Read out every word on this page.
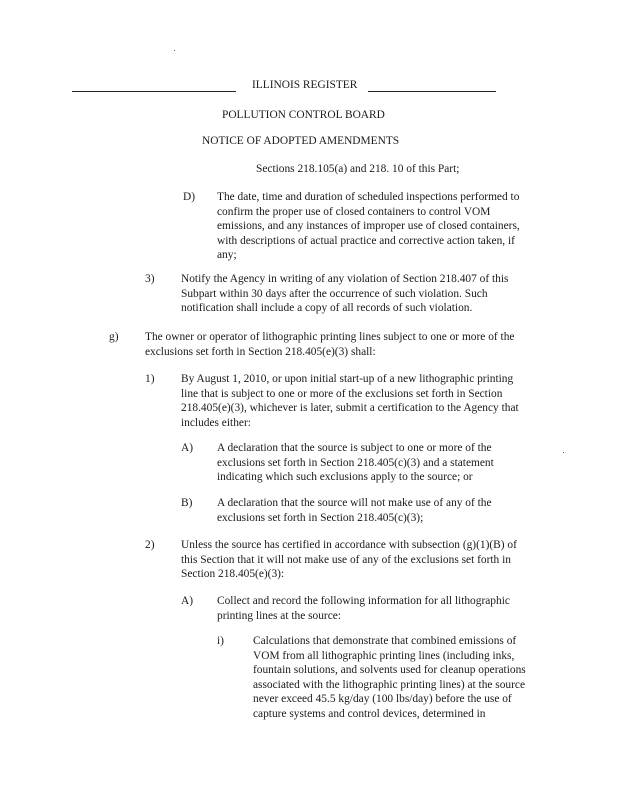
ILLINOIS REGISTER
POLLUTION CONTROL BOARD
NOTICE OF ADOPTED AMENDMENTS
Sections 218.105(a) and 218. 10 of this Part;
D) The date, time and duration of scheduled inspections performed to
confirm the proper use of closed containers to control VOM
emissions, and any instances of improper use of closed containers,
with descriptions of actual practice and corrective action taken, if
any;
3) Notify the Agency in writing of any violation of Section 218.407 of this
Subpart within 30 days after the occurrence of such violation. Such
notification shall include a copy of all records of such violation.
g) The owner or operator of lithographic printing lines subject to one or more of the
exclusions set forth in Section 218.405(e)(3) shall:
1) By August 1, 2010, or upon initial start-up of a new lithographic printing
line that is subject to one or more of the exclusions set forth in Section
218.405(e)(3), whichever is later, submit a certification to the Agency that
includes either:
A) A declaration that the source is subject to one or more of the
exclusions set forth in Section 218.405(c)(3) and a statement
indicating which such exclusions apply to the source; or
B) A declaration that the source will not make use of any of the
exclusions set forth in Section 218.405(c)(3);
2) Unless the source has certified in accordance with subsection (g)(1)(B) of
this Section that it will not make use of any of the exclusions set forth in
Section 218.405(e)(3):
A) Collect and record the following information for all lithographic
printing lines at the source:
i)	Calculations that demonstrate that combined emissions of
VOM from all lithographic printing lines (including inks,
fountain solutions, and solvents used for cleanup operations
associated with the lithographic printing lines) at the source
never exceed 45.5 kg/day (100 lbs/day) before the use of
capture systems and control devices, determined in
